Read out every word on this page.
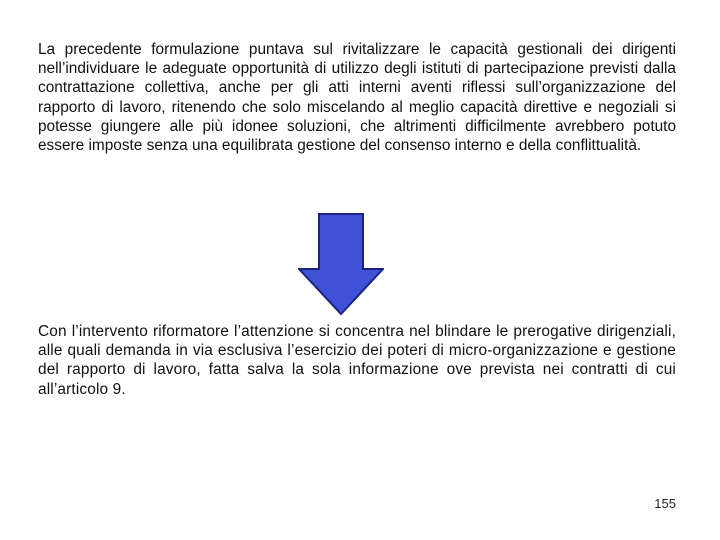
La precedente formulazione puntava sul rivitalizzare le capacità gestionali dei dirigenti nell’individuare le adeguate opportunità di utilizzo degli istituti di partecipazione previsti dalla contrattazione collettiva, anche per gli atti interni aventi riflessi sull’organizzazione del rapporto di lavoro, ritenendo che solo miscelando al meglio capacità direttive e negoziali si potesse giungere alle più idonee soluzioni, che altrimenti difficilmente avrebbero potuto essere imposte senza una equilibrata gestione del consenso interno e della conflittualità.

Con l’intervento riformatore l’attenzione si concentra nel blindare le prerogative dirigenziali, alle quali demanda in via esclusiva l’esercizio dei poteri di micro-organizzazione e gestione del rapporto di lavoro, fatta salva la sola informazione ove prevista nei contratti di cui all’articolo 9.

155
